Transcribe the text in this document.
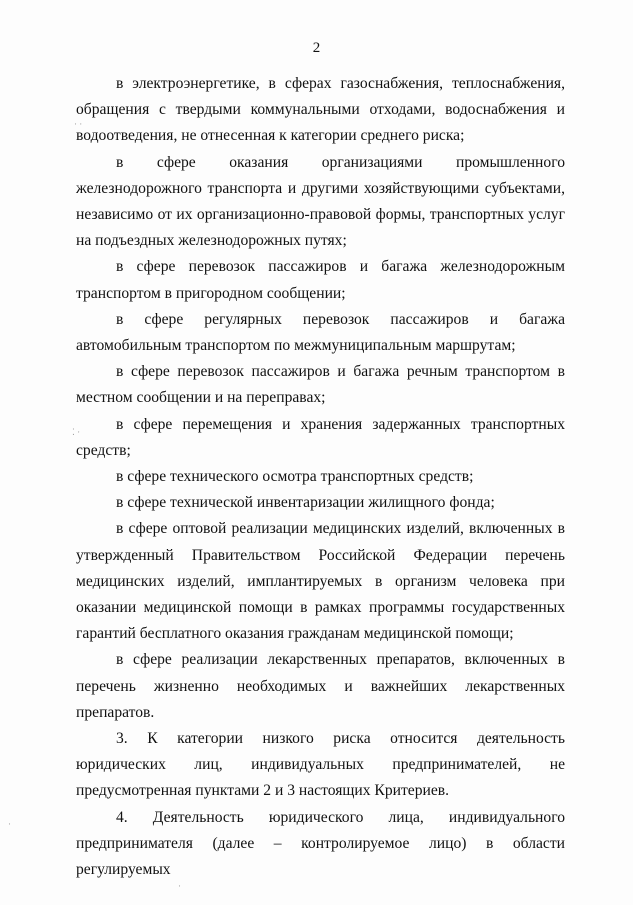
2

в электроэнергетике, в сферах газоснабжения, теплоснабжения, обращения с твердыми коммунальными отходами, водоснабжения и водоотведения, не отнесенная к категории среднего риска;

в сфере оказания организациями промышленного железнодорожного транспорта и другими хозяйствующими субъектами, независимо от их организационно-правовой формы, транспортных услуг на подъездных железнодорожных путях;

в сфере перевозок пассажиров и багажа железнодорожным транспортом в пригородном сообщении;

в сфере регулярных перевозок пассажиров и багажа автомобильным транспортом по межмуниципальным маршрутам;

в сфере перевозок пассажиров и багажа речным транспортом в местном сообщении и на переправах;

в сфере перемещения и хранения задержанных транспортных средств;

в сфере технического осмотра транспортных средств;

в сфере технической инвентаризации жилищного фонда;

в сфере оптовой реализации медицинских изделий, включенных в утвержденный Правительством Российской Федерации перечень медицинских изделий, имплантируемых в организм человека при оказании медицинской помощи в рамках программы государственных гарантий бесплатного оказания гражданам медицинской помощи;

в сфере реализации лекарственных препаратов, включенных в перечень жизненно необходимых и важнейших лекарственных препаратов.

3. К категории низкого риска относится деятельность юридических лиц, индивидуальных предпринимателей, не предусмотренная пунктами 2 и 3 настоящих Критериев.

4. Деятельность юридического лица, индивидуального предпринимателя (далее – контролируемое лицо) в области регулируемых

· ·
⁚ ·
·
·
